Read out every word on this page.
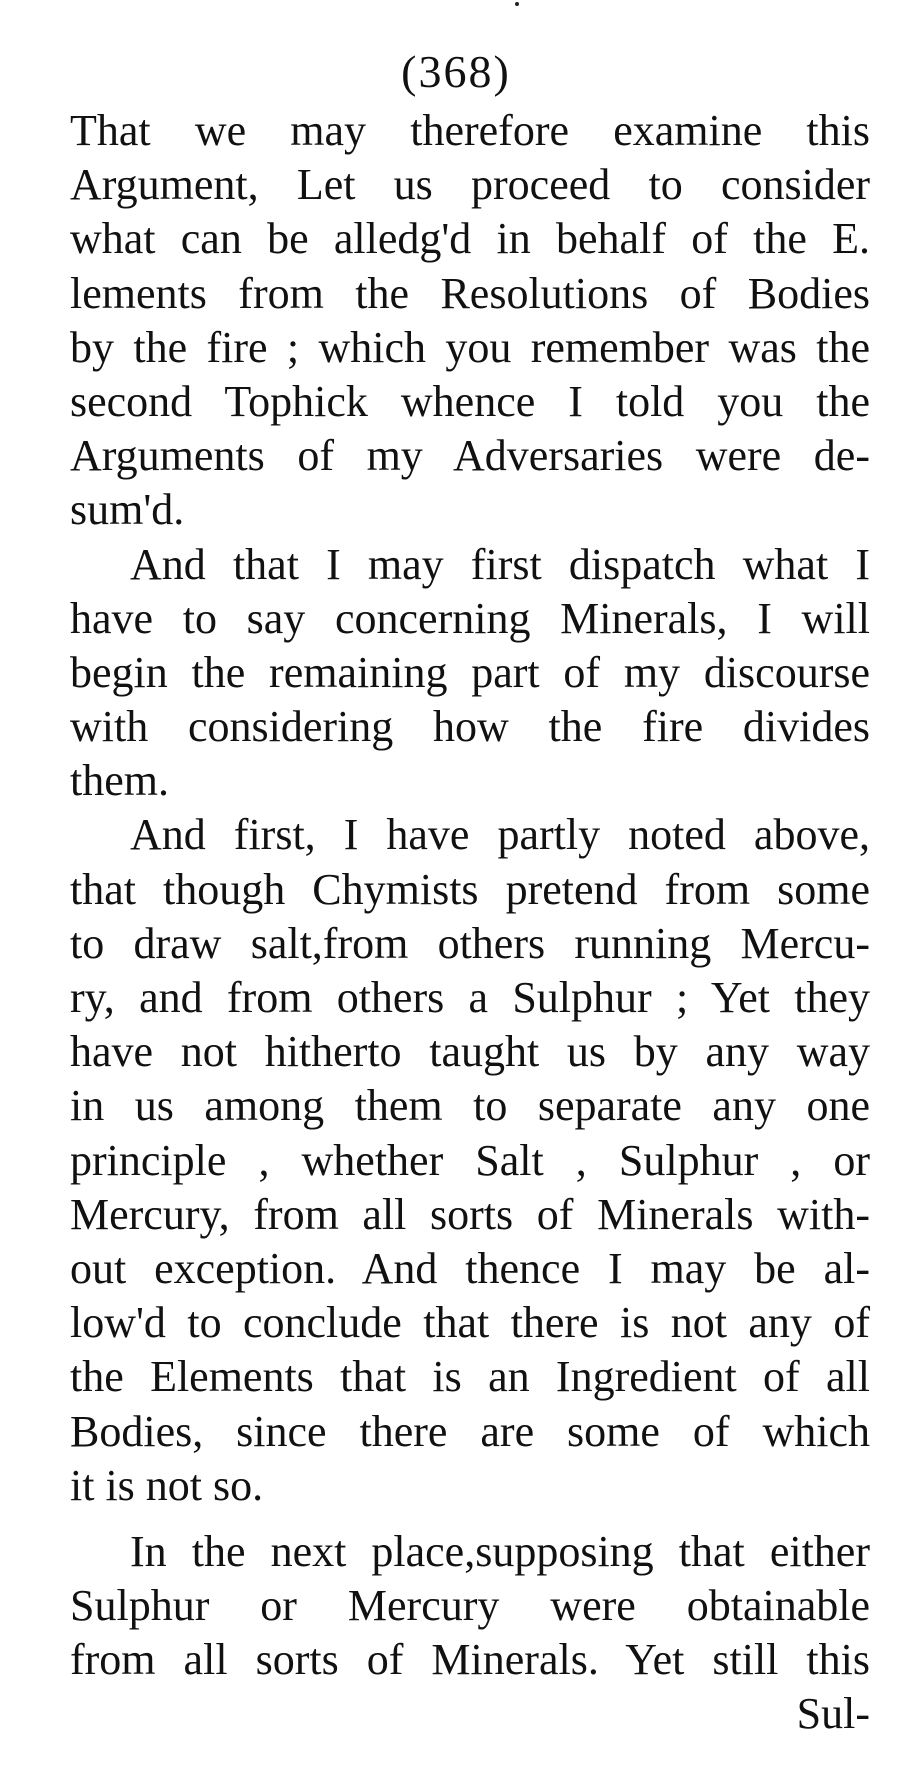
(368)
That we may therefore examine this
Argument, Let us proceed to consider
what can be alledg'd in behalf of the E.
lements from the Resolutions of Bodies
by the fire ; which you remember was the
second Tophick whence I told you the
Arguments of my Adversaries were de-
sum'd.
And that I may first dispatch what I
have to say concerning Minerals, I will
begin the remaining part of my discourse
with considering how the fire divides
them.
And first, I have partly noted above,
that though Chymists pretend from some
to draw salt,from others running Mercu-
ry, and from others a Sulphur ; Yet they
have not hitherto taught us by any way
in us among them to separate any one
principle , whether Salt , Sulphur , or
Mercury, from all sorts of Minerals with-
out exception. And thence I may be al-
low'd to conclude that there is not any of
the Elements that is an Ingredient of all
Bodies, since there are some of which
it is not so.
In the next place,supposing that either
Sulphur or Mercury were obtainable
from all sorts of Minerals. Yet still this
Sul-
